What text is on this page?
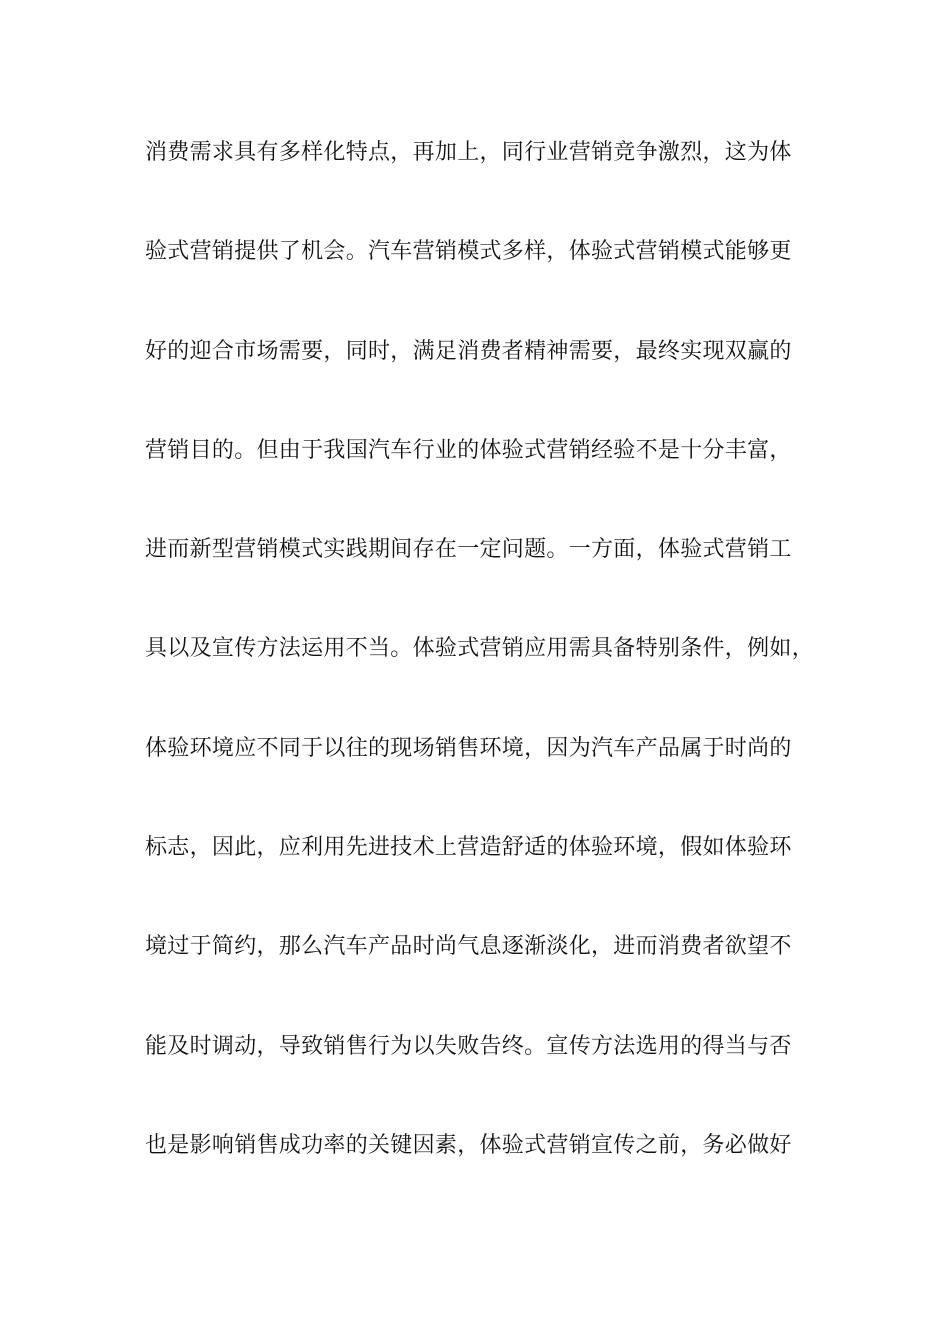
消费需求具有多样化特点，再加上，同行业营销竞争激烈，这为体
验式营销提供了机会。汽车营销模式多样，体验式营销模式能够更
好的迎合市场需要，同时，满足消费者精神需要，最终实现双赢的
营销目的。但由于我国汽车行业的体验式营销经验不是十分丰富，
进而新型营销模式实践期间存在一定问题。一方面，体验式营销工
具以及宣传方法运用不当。体验式营销应用需具备特别条件，例如，
体验环境应不同于以往的现场销售环境，因为汽车产品属于时尚的
标志，因此，应利用先进技术上营造舒适的体验环境，假如体验环
境过于简约，那么汽车产品时尚气息逐渐淡化，进而消费者欲望不
能及时调动，导致销售行为以失败告终。宣传方法选用的得当与否
也是影响销售成功率的关键因素，体验式营销宣传之前，务必做好
